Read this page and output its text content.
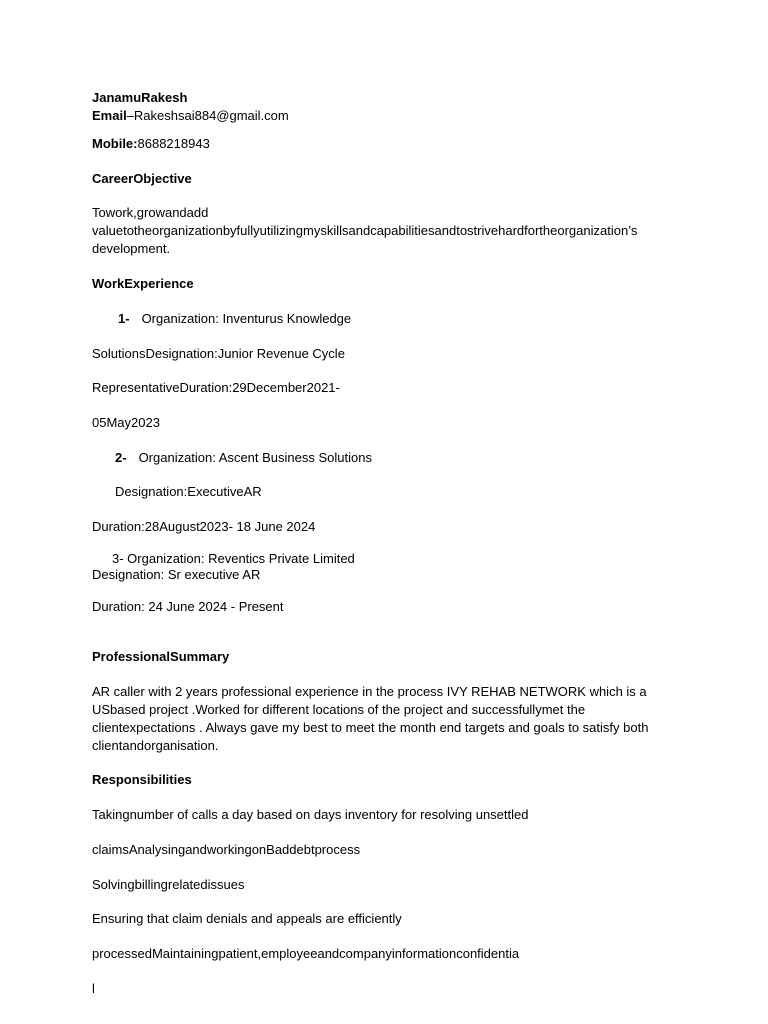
JanamuRakesh
Email–Rakeshsai884@gmail.com
Mobile:8688218943
CareerObjective
Towork,growandadd
valuetotheorganizationbyfullyutilizingmyskillsandcapabilitiesandtostrivehardfortheorganization’s
development.
WorkExperience
1- Organization: Inventurus Knowledge
SolutionsDesignation:Junior Revenue Cycle
RepresentativeDuration:29December2021-
05May2023
2- Organization: Ascent Business Solutions
Designation:ExecutiveAR
Duration:28August2023- 18 June 2024
3- Organization: Reventics Private Limited
Designation: Sr executive AR
Duration: 24 June 2024 - Present
ProfessionalSummary
AR caller with 2 years professional experience in the process IVY REHAB NETWORK which is a
USbased project .Worked for different locations of the project and successfullymet the
clientexpectations . Always gave my best to meet the month end targets and goals to satisfy both
clientandorganisation.
Responsibilities
Takingnumber of calls a day based on days inventory for resolving unsettled
claimsAnalysingandworkingonBaddebtprocess
Solvingbillingrelatedissues
Ensuring that claim denials and appeals are efficiently
processedMaintainingpatient,employeeandcompanyinformationconfidentia
l
